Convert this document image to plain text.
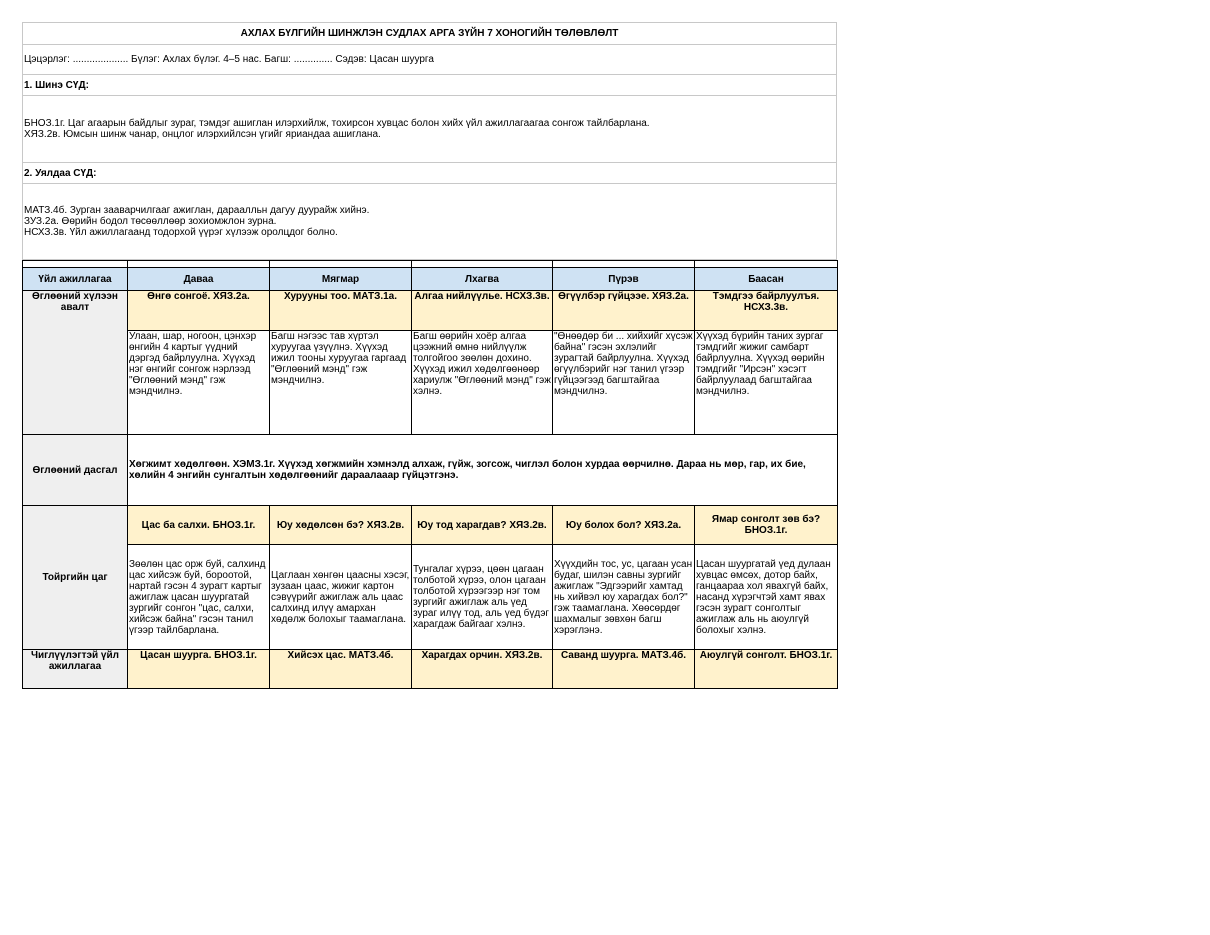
АХЛАХ БҮЛГИЙН ШИНЖЛЭН СУДЛАХ АРГА ЗҮЙН 7 ХОНОГИЙН ТӨЛӨВЛӨЛТ
Цэцэрлэг: .................... Бүлэг: Ахлах бүлэг. 4–5 нас. Багш: .............. Сэдэв: Цасан шуурга
1. Шинэ СҮД:

БНОЗ.1г. Цаг агаарын байдлыг зураг, тэмдэг ашиглан илэрхийлж, тохирсон хувцас болон хийх үйл ажиллагаагаа сонгож тайлбарлана.
ХЯЗ.2в. Юмсын шинж чанар, онцлог илэрхийлсэн үгийг яриандаа ашиглана.

2. Уялдаа СҮД:

МАТЗ.4б. Зурган зааварчилгааг ажиглан, дараалльн дагуу дуурайж хийнэ.
ЗУЗ.2а. Өөрийн бодол төсөөллөөр зохиомжлон зурна.
НСХЗ.3в. Үйл ажиллагаанд тодорхой үүрэг хүлээж оролцдог болно.

Үйл ажиллагаа	Даваа	Мягмар	Лхагва	Пүрэв	Баасан
Өглөөний хүлээн авалт	Өнгө сонгоё. ХЯЗ.2а.	Хурууны тоо. МАТЗ.1а.	Алгаа нийлүүлье. НСХЗ.3в.	Өгүүлбэр гүйцээе. ХЯЗ.2а.	Тэмдгээ байрлуулъя. НСХЗ.3в.
	Улаан, шар, ногоон, цэнхэр өнгийн 4 картыг үүдний дэргэд байрлуулна. Хүүхэд нэг өнгийг сонгож нэрлээд "Өглөөний мэнд" гэж мэндчилнэ.	Багш нэгээс тав хүртэл хуруугаа үзүүлнэ. Хүүхэд ижил тооны хуруугаа гаргаад "Өглөөний мэнд" гэж мэндчилнэ.	Багш өөрийн хоёр алгаа цээжний өмнө нийлүүлж толгойгоо зөөлөн дохино. Хүүхэд ижил хөдөлгөөнөөр хариулж "Өглөөний мэнд" гэж хэлнэ.	"Өнөөдөр би ... хийхийг хүсэж байна" гэсэн эхлэлийг зурагтай байрлуулна. Хүүхэд өгүүлбэрийг нэг танил үгээр гүйцээгээд багштайгаа мэндчилнэ.	Хүүхэд бүрийн таних зургаг тэмдгийг жижиг самбарт байрлуулна. Хүүхэд өөрийн тэмдгийг "Ирсэн" хэсэгт байрлуулаад багштайгаа мэндчилнэ.
Өглөөний дасгал	Хөгжимт хөдөлгөөн. ХЭМЗ.1г. Хүүхэд хөгжмийн хэмнэлд алхаж, гүйж, зогсож, чиглэл болон хурдаа өөрчилнө. Дараа нь мөр, гар, их бие, хөлийн 4 энгийн сунгалтын хөдөлгөөнийг дараалааар гүйцэтгэнэ.				
Тойргийн цаг	Цас ба салхи. БНОЗ.1г.	Юу хөдөлсөн бэ? ХЯЗ.2в.	Юу тод харагдав? ХЯЗ.2в.	Юу болох бол? ХЯЗ.2а.	Ямар сонголт зөв бэ? БНОЗ.1г.
	Зөөлөн цас орж буй, салхинд цас хийсэж буй, бороотой, нартай гэсэн 4 зурагт картыг ажиглаж цасан шуургатай зургийг сонгон "цас, салхи, хийсэж байна" гэсэн танил үгээр тайлбарлана.	Цаглаан хөнгөн цаасны хэсэг, зузаан цаас, жижиг картон сэвүүрийг ажиглаж аль цаас салхинд илүү амархан хөдөлж болохыг таамаглана.	Тунгалаг хүрээ, цөөн цагаан толботой хүрээ, олон цагаан толботой хүрээгээр нэг том зургийг ажиглаж аль үед зураг илүү тод, аль үед бүдэг харагдаж байгааг хэлнэ.	Хүүхдийн тос, ус, цагаан усан будаг, шилэн савны зургийг ажиглаж "Эдгээрийг хамтад нь хийвэл юу харагдах бол?" гэж таамаглана. Хөөсөрдөг шахмалыг зөвхөн багш хэрэглэнэ.	Цасан шуургатай үед дулаан хувцас өмсөх, дотор байх, ганцаараа хол явахгүй байх, насанд хүрэгчтэй хамт явах гэсэн зурагт сонголтыг ажиглаж аль нь аюулгүй болохыг хэлнэ.
Чиглүүлэгтэй үйл ажиллагаа	Цасан шуурга. БНОЗ.1г.	Хийсэх цас. МАТЗ.4б.	Харагдах орчин. ХЯЗ.2в.	Саванд шуурга. МАТЗ.4б.	Аюулгүй сонголт. БНОЗ.1г.
